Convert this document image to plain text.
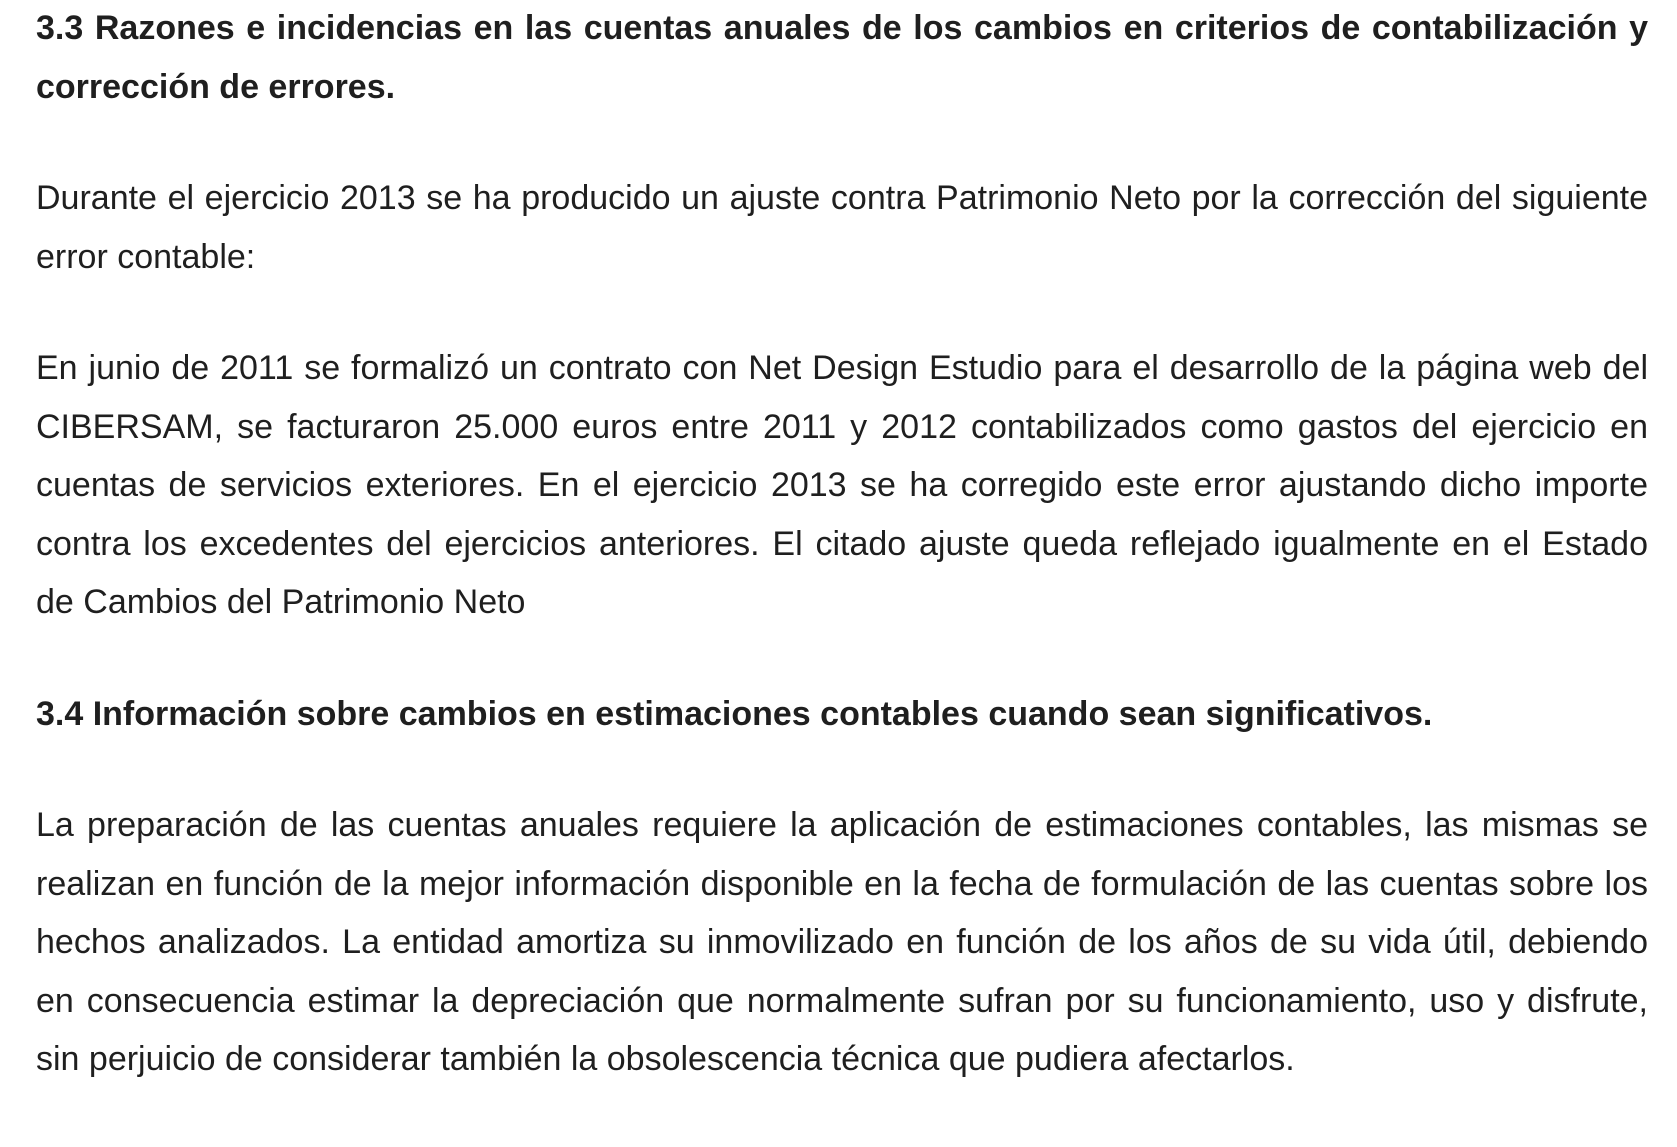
3.3 Razones e incidencias en las cuentas anuales de los cambios en criterios de contabilización y corrección de errores.

Durante el ejercicio 2013 se ha producido un ajuste contra Patrimonio Neto por la corrección del siguiente error contable:

En junio de 2011 se formalizó un contrato con Net Design Estudio para el desarrollo de la página web del CIBERSAM, se facturaron 25.000 euros entre 2011 y 2012 contabilizados como gastos del ejercicio en cuentas de servicios exteriores. En el ejercicio 2013 se ha corregido este error ajustando dicho importe contra los excedentes del ejercicios anteriores. El citado ajuste queda reflejado igualmente en el Estado de Cambios del Patrimonio Neto

3.4 Información sobre cambios en estimaciones contables cuando sean significativos.

La preparación de las cuentas anuales requiere la aplicación de estimaciones contables, las mismas se realizan en función de la mejor información disponible en la fecha de formulación de las cuentas sobre los hechos analizados. La entidad amortiza su inmovilizado en función de los años de su vida útil, debiendo en consecuencia estimar la depreciación que normalmente sufran por su funcionamiento, uso y disfrute, sin perjuicio de considerar también la obsolescencia técnica que pudiera afectarlos.
